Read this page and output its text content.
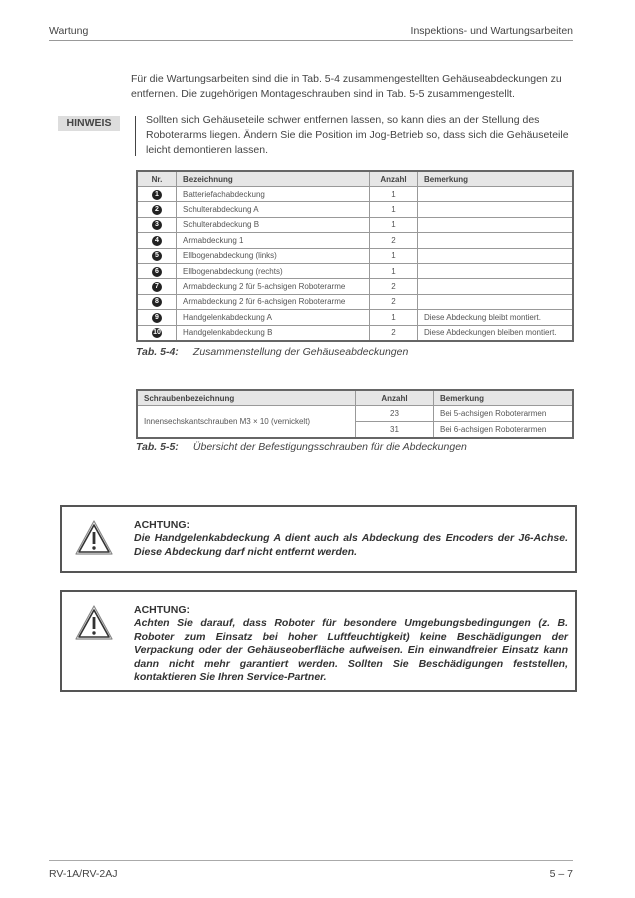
Wartung	Inspektions- und Wartungsarbeiten

Für die Wartungsarbeiten sind die in Tab. 5-4 zusammengestellten Gehäuseabdeckungen zu entfernen. Die zugehörigen Montageschrauben sind in Tab. 5-5 zusammengestellt.

HINWEIS	Sollten sich Gehäuseteile schwer entfernen lassen, so kann dies an der Stellung des Roboterarms liegen. Ändern Sie die Position im Jog-Betrieb so, dass sich die Gehäuseteile leicht demontieren lassen.

Nr.	Bezeichnung	Anzahl	Bemerkung
1	Batteriefachabdeckung	1	
2	Schulterabdeckung A	1	
3	Schulterabdeckung B	1	
4	Armabdeckung 1	2	
5	Ellbogenabdeckung (links)	1	
6	Ellbogenabdeckung (rechts)	1	
7	Armabdeckung 2 für 5-achsigen Roboterarme	2	
8	Armabdeckung 2 für 6-achsigen Roboterarme	2	
9	Handgelenkabdeckung A	1	Diese Abdeckung bleibt montiert.
10	Handgelenkabdeckung B	2	Diese Abdeckungen bleiben montiert.
Tab. 5-4: Zusammenstellung der Gehäuseabdeckungen
Schraubenbezeichnung	Anzahl	Bemerkung
Innensechskantschrauben M3 × 10 (vernickelt)	23	Bei 5-achsigen Roboterarmen
	31	Bei 6-achsigen Roboterarmen
Tab. 5-5: Übersicht der Befestigungsschrauben für die Abdeckungen
ACHTUNG:
Die Handgelenkabdeckung A dient auch als Abdeckung des Encoders der J6-Achse. Diese Abdeckung darf nicht entfernt werden.
ACHTUNG:
Achten Sie darauf, dass Roboter für besondere Umgebungsbedingungen (z. B. Roboter zum Einsatz bei hoher Luftfeuchtigkeit) keine Beschädigungen der Verpackung oder der Gehäuseoberfläche aufweisen. Ein einwandfreier Einsatz kann dann nicht mehr garantiert werden. Sollten Sie Beschädigungen feststellen, kontaktieren Sie Ihren Service-Partner.
RV-1A/RV-2AJ	5 – 7
